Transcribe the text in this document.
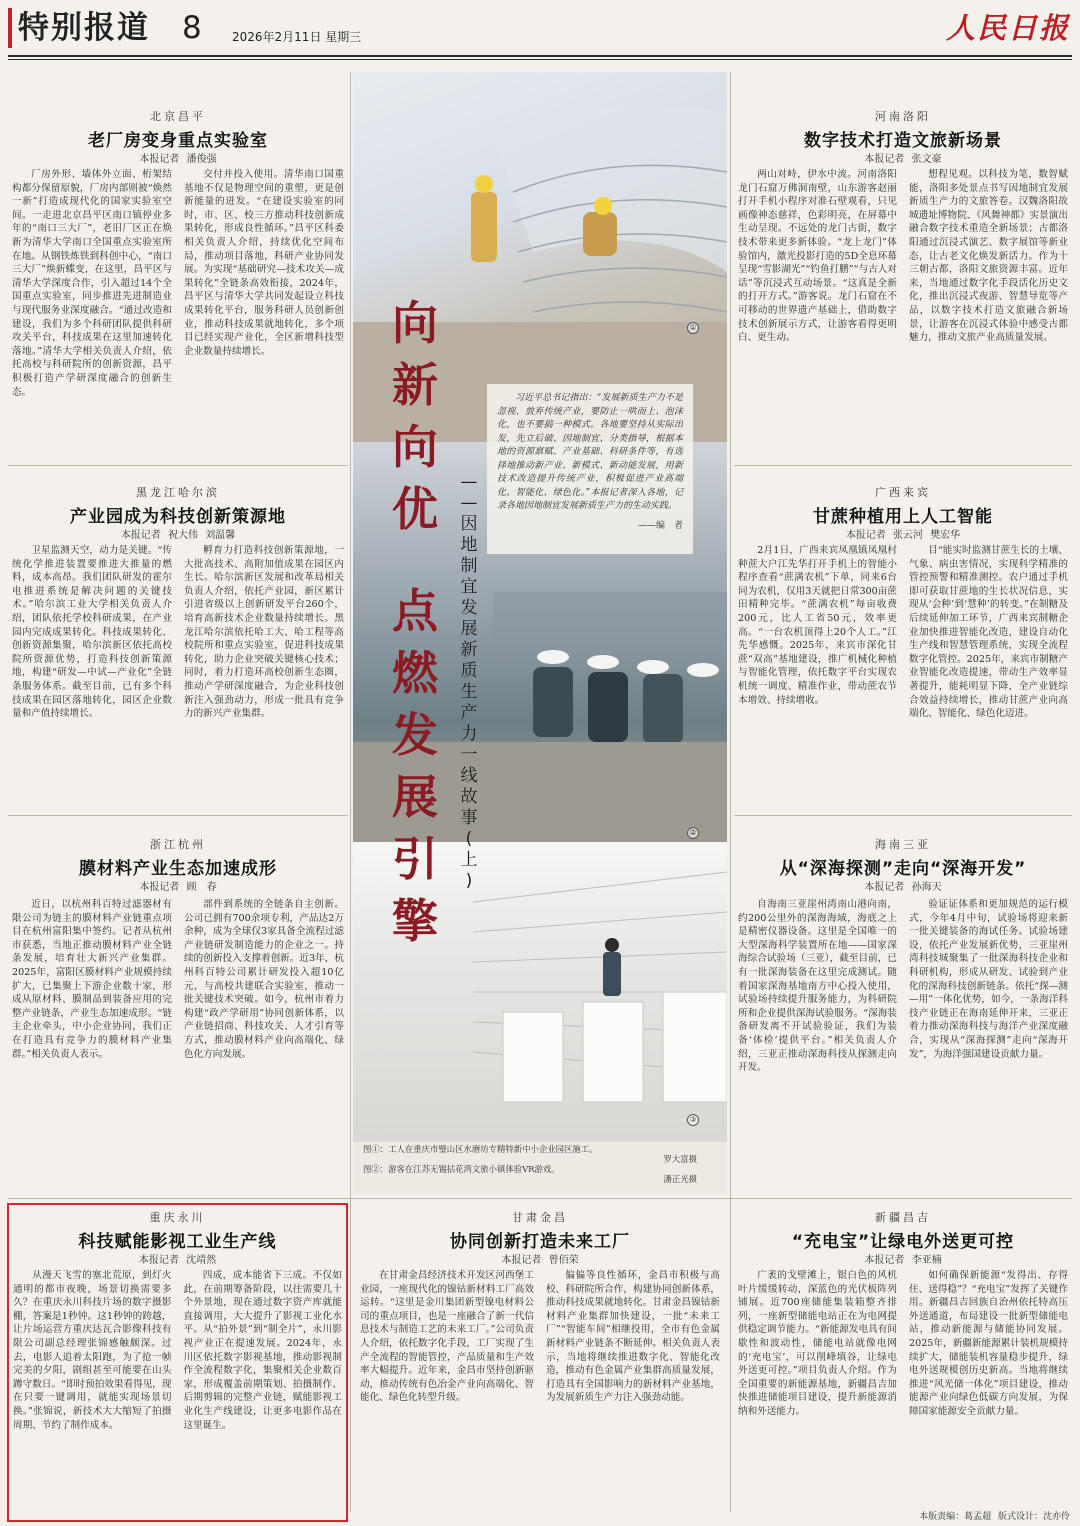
特别报道 8	2026年2月11日 星期三	人民日报
北京昌平
老厂房变身重点实验室
本报记者 潘俊强

厂房外形、墙体外立面、桁架结构都分保留原貌，厂房内部则被“焕然一新”打造成现代化的国家实验室空间。一走进北京昌平区南口镇停业多年的“南口三大厂”，老旧厂区正在焕新为清华大学南口全国重点实验室所在地。从钢铁炼铁到科创中心，“南口三大厂”焕新蝶变，在这里，昌平区与清华大学深度合作，引入超过14个全国重点实验室，同步推进先进制造业与现代服务业深度融合。“通过改造和建设，我们为多个科研团队提供科研攻关平台，科技成果在这里加速转化落地。”清华大学相关负责人介绍，依托高校与科研院所的创新资源，昌平积极打造产学研深度融合的创新生态。

交付并投入使用。清华南口国重基地不仅是物理空间的重塑，更是创新能量的迸发。“在建设实验室的同时，市、区、校三方推动科技创新成果转化，形成良性循环。”昌平区科委相关负责人介绍，持续优化空间布局，推动项目落地，科研产业协同发展。为实现“基础研究—技术攻关—成果转化”全链条高效衔接，2024年，昌平区与清华大学共同发起设立科技成果转化平台，服务科研人员创新创业，推动科技成果就地转化，多个项目已经实现产业化，全区新增科技型企业数量持续增长。

黑龙江哈尔滨
产业园成为科技创新策源地
本报记者 祝大伟 刘温馨

卫星监测天空，动力是关键。“传统化学推进装置要推进大推量的燃料，成本高昂。我们团队研发的霍尔电推进系统是解决问题的关键技术。”哈尔滨工业大学相关负责人介绍，团队依托学校科研成果，在产业园内完成成果转化。科技成果转化、创新资源集聚，哈尔滨新区依托高校院所资源优势，打造科技创新策源地，构建“研发—中试—产业化”全链条服务体系。截至目前，已有多个科技成果在园区落地转化，园区企业数量和产值持续增长。

孵育力打造科技创新策源地，一大批高技术、高附加值成果在园区内生长。哈尔滨新区发展和改革局相关负责人介绍，依托产业园，新区累计引进省级以上创新研发平台260个，培育高新技术企业数量持续增长。黑龙江哈尔滨依托哈工大、哈工程等高校院所和重点实验室，促进科技成果转化，助力企业突破关键核心技术；同时，着力打造环高校创新生态圈，推动产学研深度融合，为企业科技创新注入强劲动力，形成一批具有竞争力的新兴产业集群。

浙江杭州
膜材料产业生态加速成形
本报记者 顾　春

近日，以杭州科百特过滤器材有限公司为链主的膜材料产业链重点项目在杭州富阳集中签约。记者从杭州市获悉，当地正推动膜材料产业全链条发展，培育壮大新兴产业集群。2025年，富阳区膜材料产业规模持续扩大，已集聚上下游企业数十家，形成从原材料、膜制品到装备应用的完整产业链条，产业生态加速成形。“链主企业牵头，中小企业协同，我们正在打造具有竞争力的膜材料产业集群。”相关负责人表示。

部件到系统的全链条自主创新。公司已拥有700余项专利，产品达2万余种，成为全球仅3家具备全流程过滤产业链研发制造能力的企业之一。持续的创新投入支撑着创新。近3年，杭州科百特公司累计研发投入超10亿元，与高校共建联合实验室，推动一批关键技术突破。如今，杭州市着力构建“政产学研用”协同创新体系，以产业链招商、科技攻关、人才引育等方式，推动膜材料产业向高端化、绿色化方向发展。

河南洛阳
数字技术打造文旅新场景
本报记者 张文豪

两山对峙，伊水中流。河南洛阳龙门石窟万佛洞南壁，山东游客赵丽打开手机小程序对准石壁观看，只见画像神态慈祥，色彩明亮，在屏幕中生动呈现。不远处的龙门古街，数字技术带来更多新体验。“龙上龙门”体验馆内，激光投影打造的5D全息环幕呈现“雪影湖光”“钓鱼打鹏”“与古人对话”等沉浸式互动场景。“这真是全新的打开方式。”游客说。龙门石窟在不可移动的世界遗产基础上，借助数字技术创新展示方式，让游客看得更明白、更生动。

想程见观。以科技为笔，数智赋能，洛阳多处景点书写因地制宜发展新质生产力的文旅答卷。汉魏洛阳故城遗址博物院、《风舞神都》实景演出融合数字技术重造全新场景；古都洛阳通过沉浸式演艺、数字展馆等新业态，让古老文化焕发新活力。作为十三朝古都，洛阳文旅资源丰富。近年来，当地通过数字化手段活化历史文化，推出沉浸式夜游、智慧导览等产品，以数字技术打造文旅融合新场景，让游客在沉浸式体验中感受古都魅力，推动文旅产业高质量发展。

广西来宾
甘蔗种植用上人工智能
本报记者 张云河 樊宏华

2月1日，广西来宾凤凰镇凤凰村种蔗大户江先华打开手机上的智能小程序查看“蔗满农机”下单，同来6台同为农机，仅用3天就把日常300亩蔗田精种完毕。“蔗满农机”每亩收费200元，比人工省50元，效率更高。“一台农机顶得上20个人工。”江先华感慨。2025年，来宾市深化甘蔗“双高”基地建设，推广机械化种植与智能化管理，依托数字平台实现农机统一调度、精准作业，带动蔗农节本增效、持续增收。

目“能实时监测甘蔗生长的土壤、气象、病虫害情况，实现科学精准的管控预警和精准测控。农户通过手机即可获取甘蔗地的生长状况信息，实现从‘会种’到‘慧种’的转变。”在制糖及后续延伸加工环节，广西来宾制糖企业加快推进智能化改造，建设自动化生产线和智慧管理系统，实现全流程数字化管控。2025年，来宾市制糖产业智能化改造提速，带动生产效率显著提升，能耗明显下降，全产业链综合效益持续增长，推动甘蔗产业向高端化、智能化、绿色化迈进。

海南三亚
从“深海探测”走向“深海开发”
本报记者 孙海天

自海南三亚崖州湾南山港向南，约200公里外的深海海域，海底之上是精密仪器设备。这里是全国唯一的大型深海科学装置所在地——国家深海综合试验场（三亚），截至目前，已有一批深海装备在这里完成测试。随着国家深海基地南方中心投入使用，试验场持续提升服务能力，为科研院所和企业提供深海试验服务。“深海装备研发离不开试验验证，我们为装备‘体检’提供平台。”相关负责人介绍，三亚正推动深海科技从探测走向开发。

验证证体系和更加规范的运行模式，今年4月中旬，试验场将迎来新一批关键装备的海试任务。试验场建设，依托产业发展新优势，三亚崖州湾科技城聚集了一批深海科技企业和科研机构，形成从研发、试验到产业化的深海科技创新链条。依托“探—测—用”一体化优势，如今，一条海洋科技产业链正在海南延伸开来，三亚正着力推动深海科技与海洋产业深度融合，实现从“深海探测”走向“深海开发”，为海洋强国建设贡献力量。

重庆永川
科技赋能影视工业生产线
本报记者 沈靖然

从漫天飞雪的塞北荒原，到灯火通明的都市夜晚，场景切换需要多久？在重庆永川科技片场的数字摄影棚，答案是1秒钟。这1秒钟的跨越，让片场运营方重庆达瓦合影像科技有限公司副总经理张锦感触颇深。过去，电影人追着太阳跑，为了抢一帧完美的夕阳，剧组甚至可能要在山头蹲守数日。“即时预拍效果看得见，现在只要一键调用，就能实现场景切换。”张锦说，新技术大大缩短了拍摄周期、节约了制作成本。

四成，成本能省下三成。不仅如此，在前期筹备阶段，以往需要几十个外景地，现在通过数字资产库就能直接调用，大大提升了影视工业化水平。从“拍外景”到“制全片”，永川影视产业正在提速发展。2024年，永川区依托数字影视基地，推动影视制作全流程数字化，集聚相关企业数百家，形成覆盖前期策划、拍摄制作、后期剪辑的完整产业链，赋能影视工业化生产线建设，让更多电影作品在这里诞生。

甘肃金昌
协同创新打造未来工厂
本报记者 曾佰荣

在甘肃金昌经济技术开发区河西堡工业园，一座现代化的镍钴新材料工厂高效运转。“这里是金川集团新型镍电材料公司的重点项目，也是一座融合了新一代信息技术与制造工艺的未来工厂。”公司负责人介绍，依托数字化手段，工厂实现了生产全流程的智能管控，产品质量和生产效率大幅提升。近年来，金昌市坚持创新驱动，推动传统有色冶金产业向高端化、智能化、绿色化转型升级。

偏偏等良性循环，金昌市积极与高校、科研院所合作，构建协同创新体系，推动科技成果就地转化。甘肃金昌镍钴新材料产业集群加快建设，一批“未来工厂”“智能车间”相继投用，全市有色金属新材料产业链条不断延伸。相关负责人表示，当地将继续推进数字化、智能化改造，推动有色金属产业集群高质量发展，打造具有全国影响力的新材料产业基地，为发展新质生产力注入强劲动能。

新疆昌吉
“充电宝”让绿电外送更可控
本报记者 李亚楠

广袤的戈壁滩上，银白色的风机叶片缓缓转动，深蓝色的光伏板阵列铺展。近700座储能集装箱整齐排列，一座新型储能电站正在为电网提供稳定调节能力。“新能源发电具有间歇性和波动性，储能电站就像电网的‘充电宝’，可以削峰填谷，让绿电外送更可控。”项目负责人介绍。作为全国重要的新能源基地，新疆昌吉加快推进储能项目建设，提升新能源消纳和外送能力。

如何确保新能源“发得出、存得住、送得稳”？“充电宝”发挥了关键作用。新疆昌吉回族自治州依托特高压外送通道，布局建设一批新型储能电站，推动新能源与储能协同发展。2025年，新疆新能源累计装机规模持续扩大，储能装机容量稳步提升，绿电外送规模创历史新高。当地将继续推进“风光储一体化”项目建设，推动能源产业向绿色低碳方向发展，为保障国家能源安全贡献力量。

①
②
③
向
新
向
优
点
燃
发
展
引
擎
—
—
因
地
制
宜
发
展
新
质
生
产
力
一
线
故
事
(
上
)

习近平总书记指出：“发展新质生产力不是忽视、放弃传统产业，要防止一哄而上、泡沫化，也不要搞一种模式。各地要坚持从实际出发，先立后破、因地制宜、分类指导，根据本地的资源禀赋、产业基础、科研条件等，有选择地推动新产业、新模式、新动能发展，用新技术改造提升传统产业，积极促进产业高端化、智能化、绿色化。”本报记者深入各地，记录各地因地制宜发展新质生产力的生动实践。

——编　者

图①：工人在重庆市璧山区水磨坊专精特新中小企业园区施工。

罗大富摄

图②：游客在江苏无锡拈花湾文旅小镇体验VR游戏。

潘正光摄

本版责编：葛孟超 版式设计：沈亦伶
